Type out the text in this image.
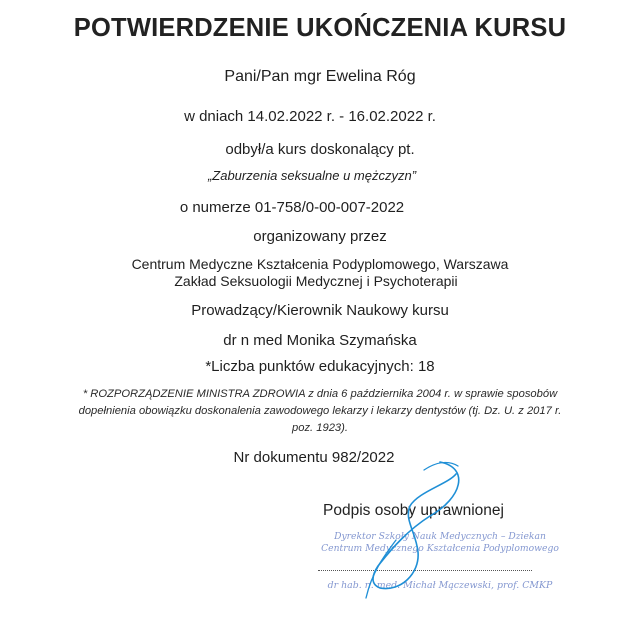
POTWIERDZENIE UKOŃCZENIA KURSU
Pani/Pan mgr Ewelina Róg
w dniach 14.02.2022 r. - 16.02.2022 r.
odbył/a kurs doskonalący pt.
„Zaburzenia seksualne u mężczyzn”
o numerze 01-758/0-00-007-2022
organizowany przez
Centrum Medyczne Kształcenia Podyplomowego, Warszawa
Zakład Seksuologii Medycznej i Psychoterapii
Prowadzący/Kierownik Naukowy kursu
dr n med Monika Szymańska
*Liczba punktów edukacyjnych: 18
* ROZPORZĄDZENIE MINISTRA ZDROWIA z dnia 6 października 2004 r. w sprawie sposobów dopełnienia obowiązku doskonalenia zawodowego lekarzy i lekarzy dentystów (tj. Dz. U. z 2017 r. poz. 1923).
Nr dokumentu 982/2022
Podpis osoby uprawnionej
Dyrektor Szkoły Nauk Medycznych – Dziekan
Centrum Medycznego Kształcenia Podyplomowego
dr hab. n. med. Michał Mączewski, prof. CMKP
